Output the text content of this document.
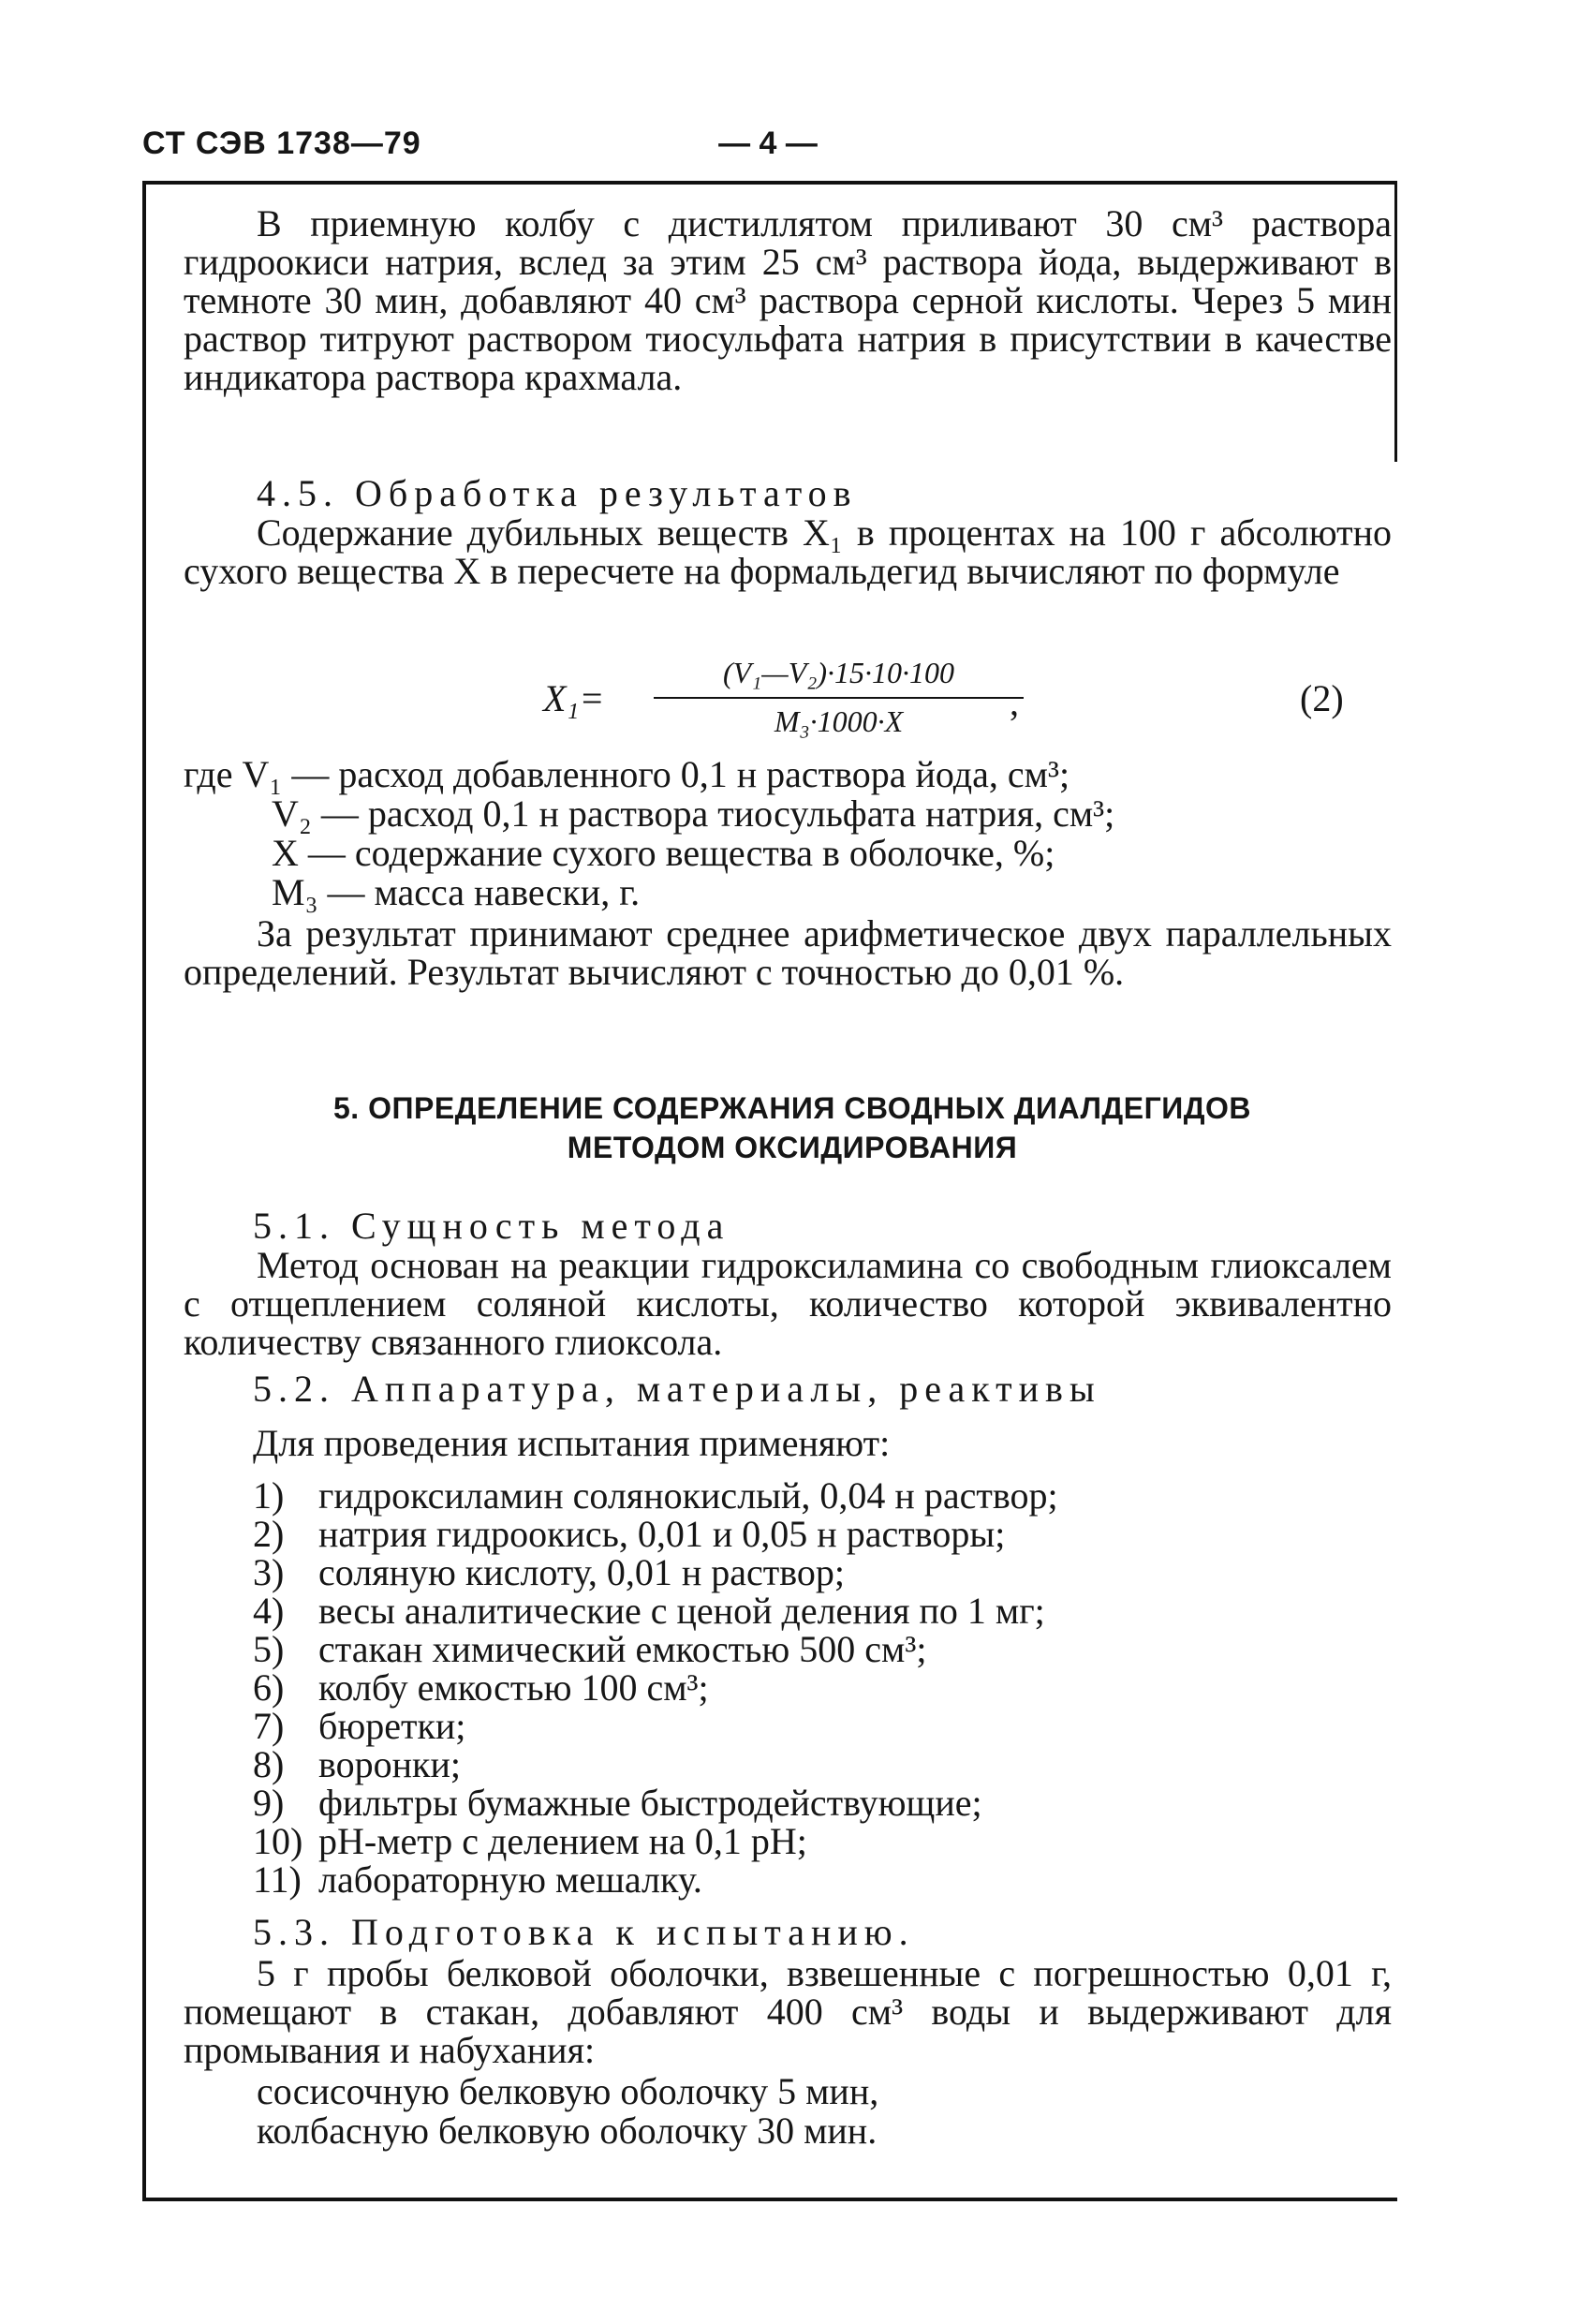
СТ СЭВ 1738—79	— 4 —

В приемную колбу с дистиллятом приливают 30 см³ раствора гидроокиси натрия, вслед за этим 25 см³ раствора йода, выдерживают в темноте 30 мин, добавляют 40 см³ раствора серной кислоты. Через 5 мин раствор титруют раствором тиосульфата натрия в присутствии в качестве индикатора раствора крахмала.

4.5. Обработка результатов

Содержание дубильных веществ X₁ в процентах на 100 г абсолютно сухого вещества X в пересчете на формальдегид вычисляют по формуле

X₁=
(V₁—V₂)·15·10·100
M₃·1000·X	,	(2)
где V₁ — расход добавленного 0,1 н раствора йода, см³;
V₂ — расход 0,1 н раствора тиосульфата натрия, см³;
X — содержание сухого вещества в оболочке, %;
M₃ — масса навески, г.

За результат принимают среднее арифметическое двух параллельных определений. Результат вычисляют с точностью до 0,01 %.

5. ОПРЕДЕЛЕНИЕ СОДЕРЖАНИЯ СВОДНЫХ ДИАЛДЕГИДОВ
МЕТОДОМ ОКСИДИРОВАНИЯ
5.1. Сущность метода

Метод основан на реакции гидроксиламина со свободным глиоксалем с отщеплением соляной кислоты, количество которой эквивалентно количеству связанного глиоксола.

5.2. Аппаратура, материалы, реактивы
Для проведения испытания применяют:
1) гидроксиламин солянокислый, 0,04 н раствор;
2) натрия гидроокись, 0,01 и 0,05 н растворы;
3) соляную кислоту, 0,01 н раствор;
4) весы аналитические с ценой деления по 1 мг;
5) стакан химический емкостью 500 см³;
6) колбу емкостью 100 см³;
7) бюретки;
8) воронки;
9) фильтры бумажные быстродействующие;
10) pH-метр с делением на 0,1 pH;
11) лабораторную мешалку.
5.3. Подготовка к испытанию.

5 г пробы белковой оболочки, взвешенные с погрешностью 0,01 г, помещают в стакан, добавляют 400 см³ воды и выдерживают для промывания и набухания:

сосисочную белковую оболочку 5 мин,
колбасную белковую оболочку 30 мин.
